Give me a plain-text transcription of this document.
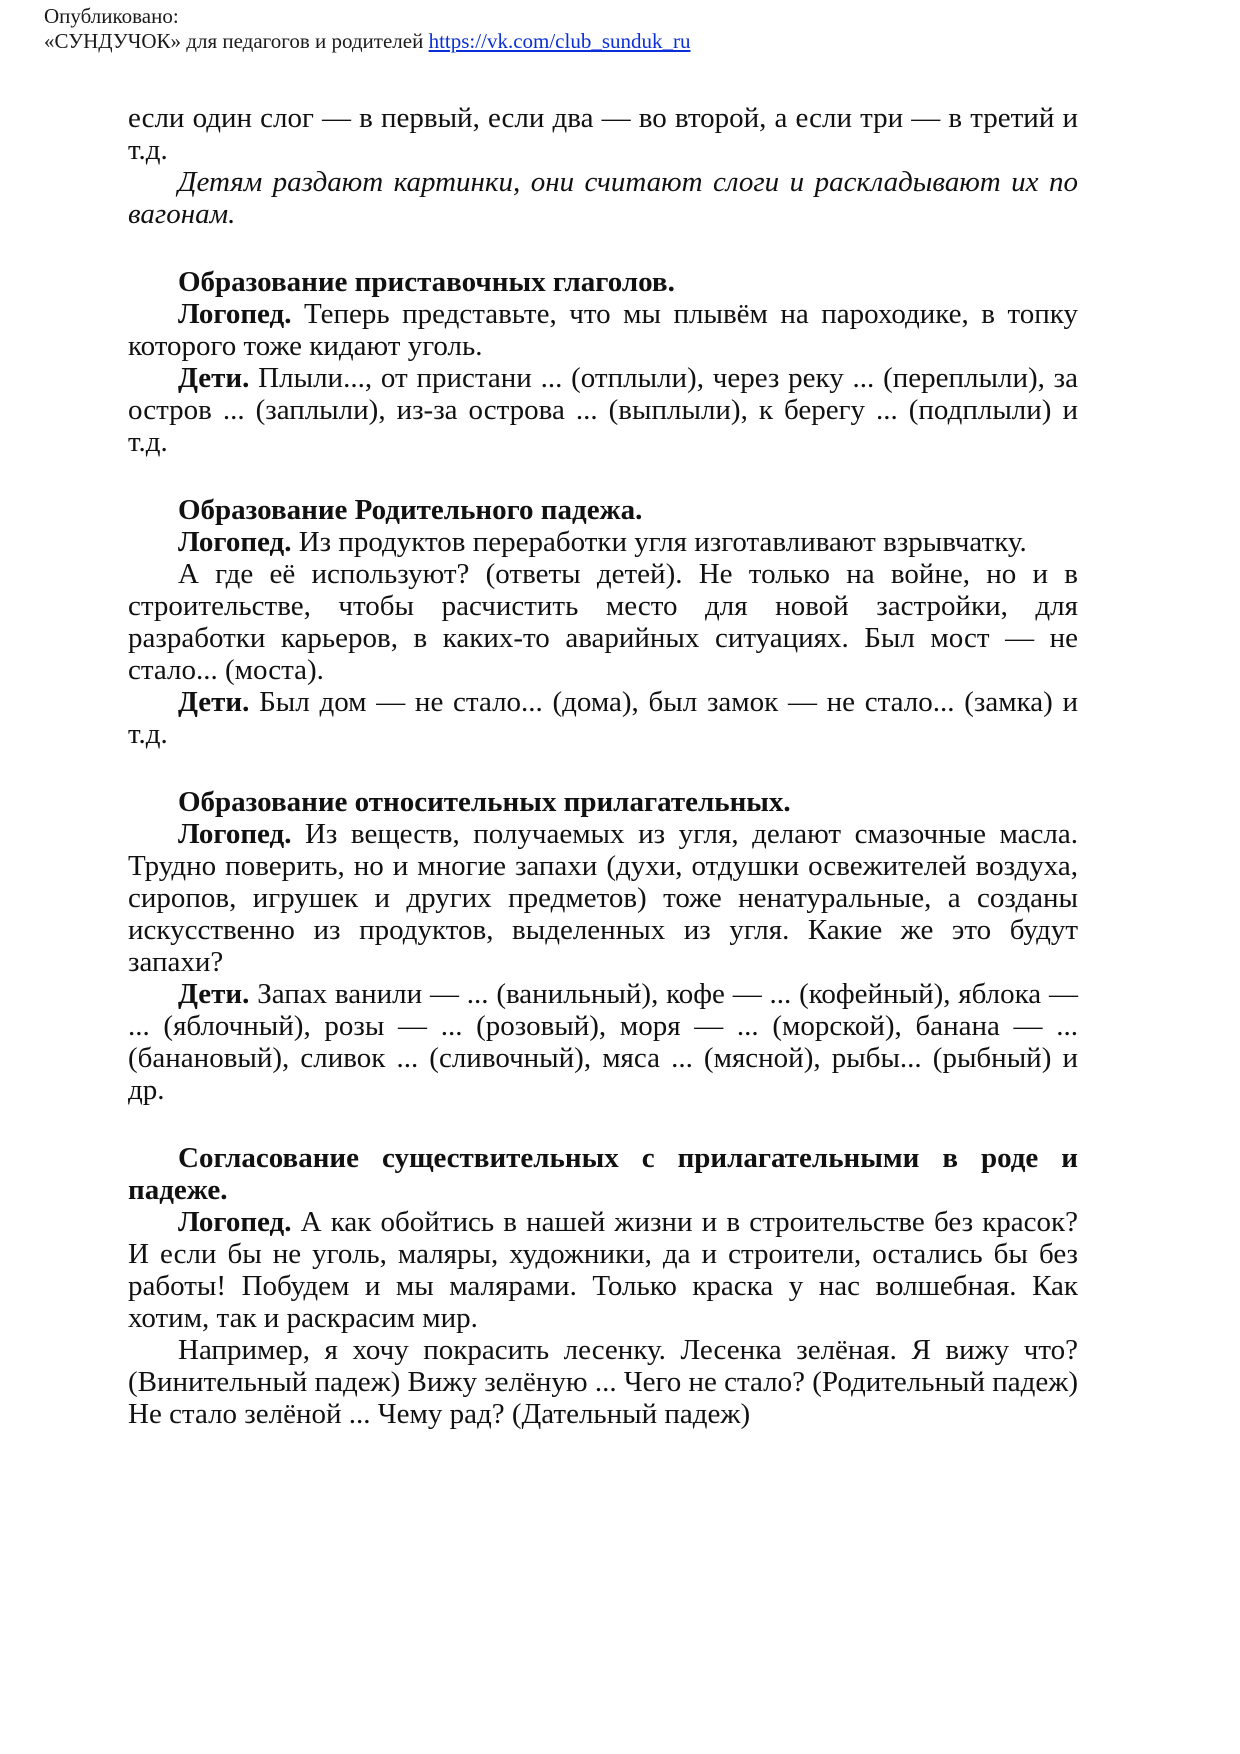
Опубликовано:
«СУНДУЧОК» для педагогов и родителей https://vk.com/club_sunduk_ru

если один слог — в первый, если два — во второй, а если три — в третий и т.д.

Детям раздают картинки, они считают слоги и раскладывают их по вагонам.

Образование приставочных глаголов.

Логопед. Теперь представьте, что мы плывём на пароходике, в топку которого тоже кидают уголь.

Дети. Плыли..., от пристани ... (отплыли), через реку ... (переплыли), за остров ... (заплыли), из-за острова ... (выплыли), к берегу ... (подплыли) и т.д.

Образование Родительного падежа.

Логопед. Из продуктов переработки угля изготавливают взрывчатку.

А где её используют? (ответы детей). Не только на войне, но и в строительстве, чтобы расчистить место для новой застройки, для разработки карьеров, в каких-то аварийных ситуациях. Был мост — не стало... (моста).

Дети. Был дом — не стало... (дома), был замок — не стало... (замка) и т.д.

Образование относительных прилагательных.

Логопед. Из веществ, получаемых из угля, делают смазочные масла. Трудно поверить, но и многие запахи (духи, отдушки освежителей воздуха, сиропов, игрушек и других предметов) тоже ненатуральные, а созданы искусственно из продуктов, выделенных из угля. Какие же это будут запахи?

Дети. Запах ванили — ... (ванильный), кофе — ... (кофейный), яблока — ... (яблочный), розы — ... (розовый), моря — ... (морской), банана — ... (банановый), сливок ... (сливочный), мяса ... (мясной), рыбы... (рыбный) и др.

Согласование существительных с прилагательными в роде и падеже.

Логопед. А как обойтись в нашей жизни и в строительстве без красок? И если бы не уголь, маляры, художники, да и строители, остались бы без работы! Побудем и мы малярами. Только краска у нас волшебная. Как хотим, так и раскрасим мир.

Например, я хочу покрасить лесенку. Лесенка зелёная. Я вижу что? (Винительный падеж) Вижу зелёную ... Чего не стало? (Родительный падеж) Не стало зелёной ... Чему рад? (Дательный падеж)
